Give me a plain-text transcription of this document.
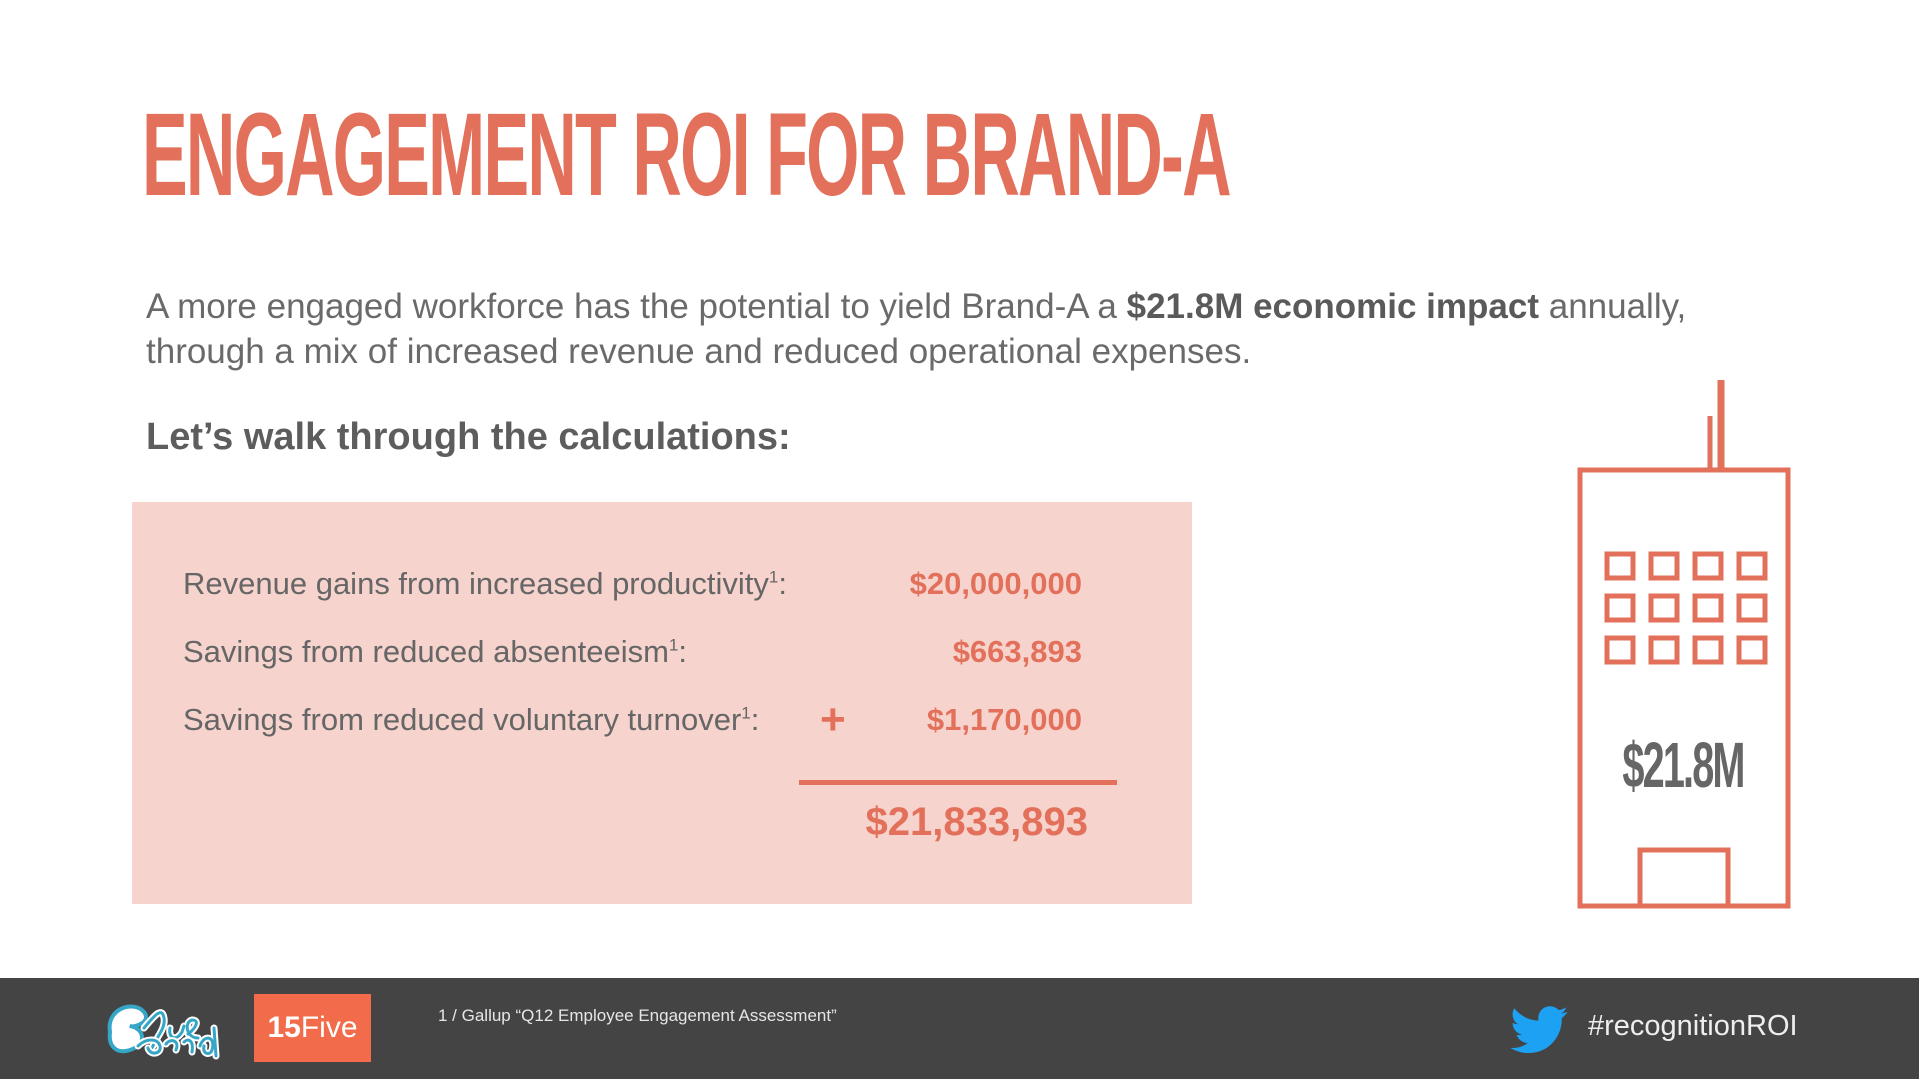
ENGAGEMENT ROI FOR BRAND-A
A more engaged workforce has the potential to yield Brand-A a $21.8M economic impact annually, through a mix of increased revenue and reduced operational expenses.
Let’s walk through the calculations:
Revenue gains from increased productivity$^1$:	$20,000,000
Savings from reduced absenteeism$^1$:	$663,893
Savings from reduced voluntary turnover$^1$: +	$1,170,000
$21,833,893
$21.8M
15Five	1 / Gallup “Q12 Employee Engagement Assessment”	#recognitionROI
